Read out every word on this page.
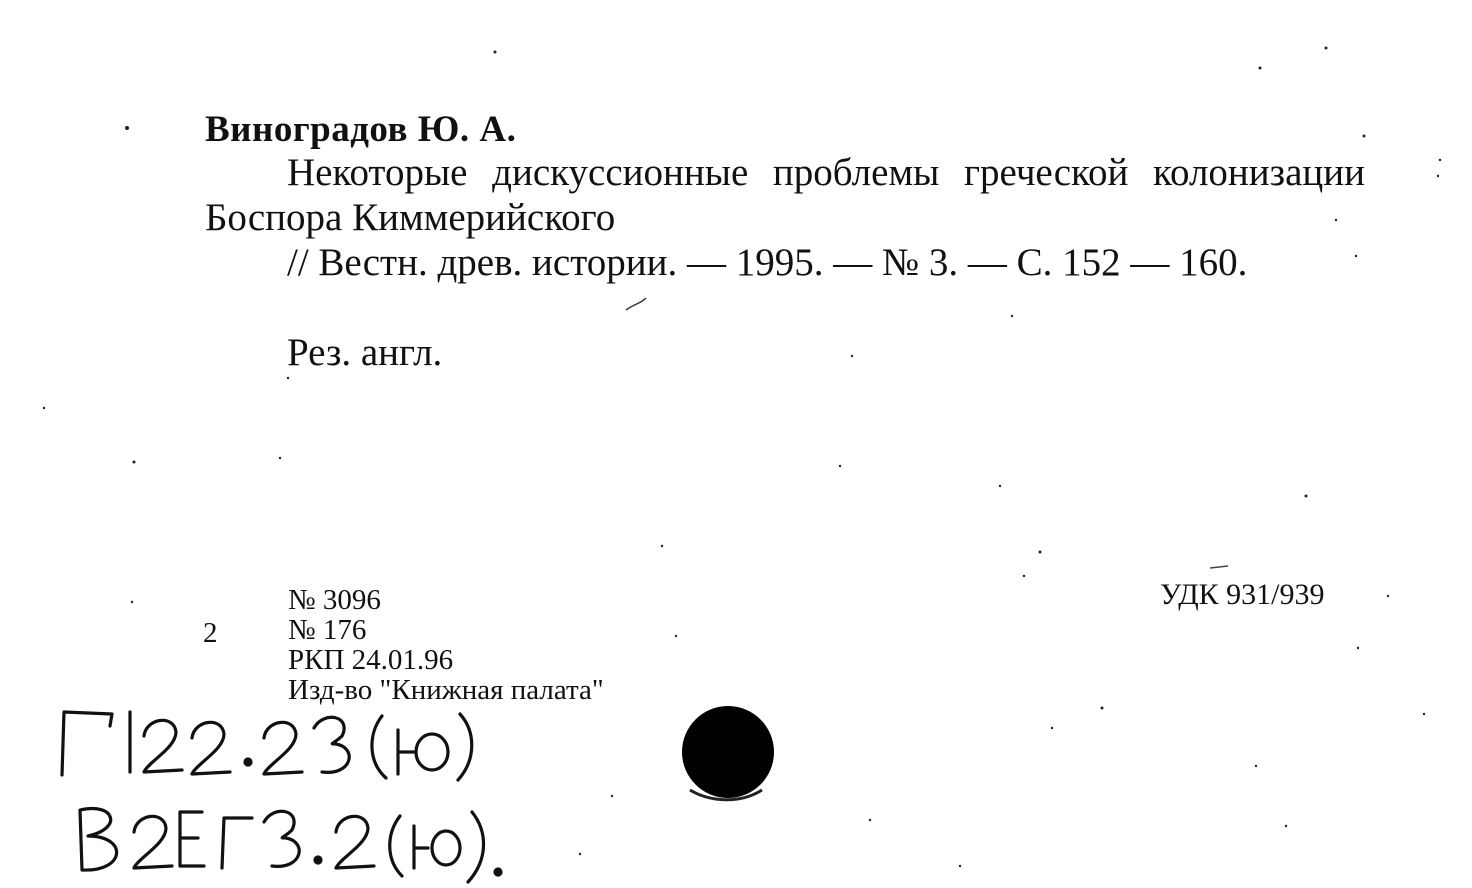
Виноградов Ю. А.
Некоторые дискуссионные проблемы греческой колонизации Боспора Киммерийского
// Вестн. древ. истории. — 1995. — № 3. — С. 152 — 160.
Рез. англ.
2
№ 3096
№ 176
РКП 24.01.96
Изд-во "Книжная палата"
УДК 931/939
